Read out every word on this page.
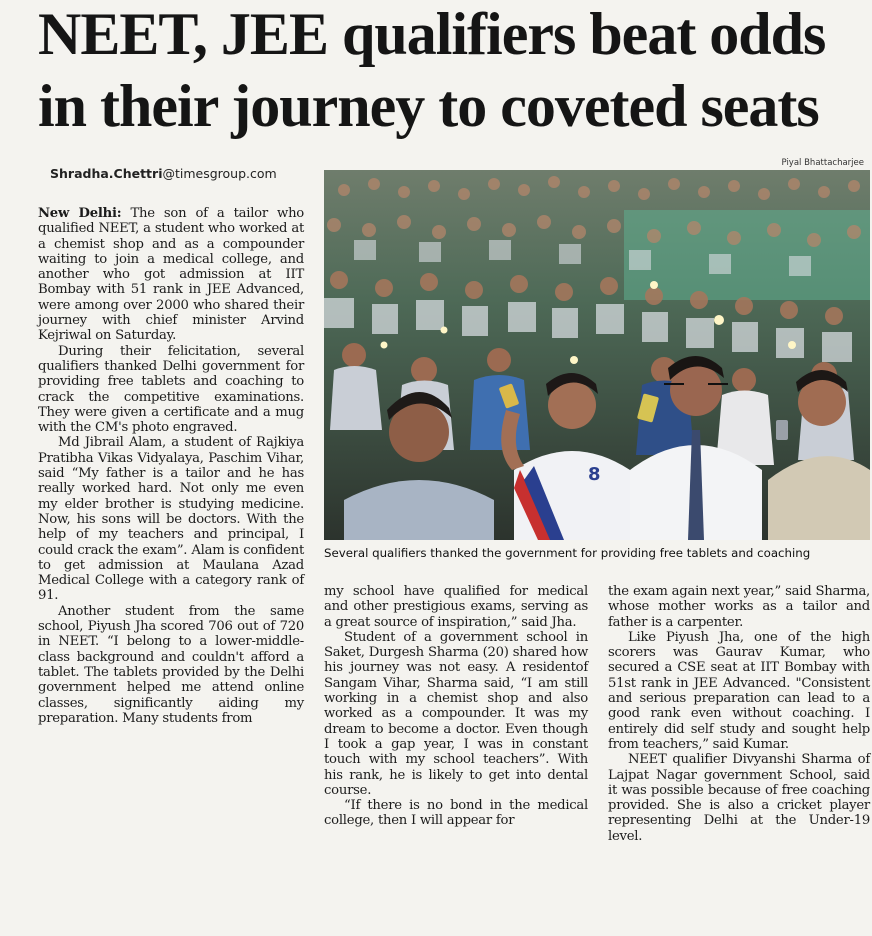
NEET, JEE qualifiers beat odds
in their journey to coveted seats
Shradha.Chettri@timesgroup.com
Piyal Bhattacharjee
8
Several qualifiers thanked the government for providing free tablets and coaching

New Delhi: The son of a tailor who qualified NEET, a student who worked at a chemist shop and as a compounder waiting to join a medical college, and another who got admission at IIT Bombay with 51 rank in JEE Advanced, were among over 2000 who shared their journey with chief minister Arvind Kejriwal on Saturday.

During their felicitation, several qualifiers thanked Delhi government for providing free tablets and coaching to crack the competitive examinations. They were given a certificate and a mug with the CM's photo engraved.

Md Jibrail Alam, a student of Rajkiya Pratibha Vikas Vidyalaya, Paschim Vihar, said “My father is a tailor and he has really worked hard. Not only me even my elder brother is studying medicine. Now, his sons will be doctors. With the help of my teachers and principal, I could crack the exam”. Alam is confident to get admission at Maulana Azad Medical College with a category rank of 91.

Another student from the same school, Piyush Jha scored 706 out of 720 in NEET. “I belong to a lower-middle-class background and couldn't afford a tablet. The tablets provided by the Delhi government helped me attend online classes, significantly aiding my preparation. Many students from

my school have qualified for medical and other prestigious exams, serving as a great source of inspiration,” said Jha.

Student of a government school in Saket, Durgesh Sharma (20) shared how his journey was not easy. A residentof Sangam Vihar, Sharma said, “I am still working in a chemist shop and also worked as a compounder. It was my dream to become a doctor. Even though I took a gap year, I was in constant touch with my school teachers”. With his rank, he is likely to get into dental course.

“If there is no bond in the medical college, then I will appear for

the exam again next year,” said Sharma, whose mother works as a tailor and father is a carpenter.

Like Piyush Jha, one of the high scorers was Gaurav Kumar, who secured a CSE seat at IIT Bombay with 51st rank in JEE Advanced. "Consistent and serious preparation can lead to a good rank even without coaching. I entirely did self study and sought help from teachers,” said Kumar.

NEET qualifier Divyanshi Sharma of Lajpat Nagar government School, said it was possible because of free coaching provided. She is also a cricket player representing Delhi at the Under-19 level.
